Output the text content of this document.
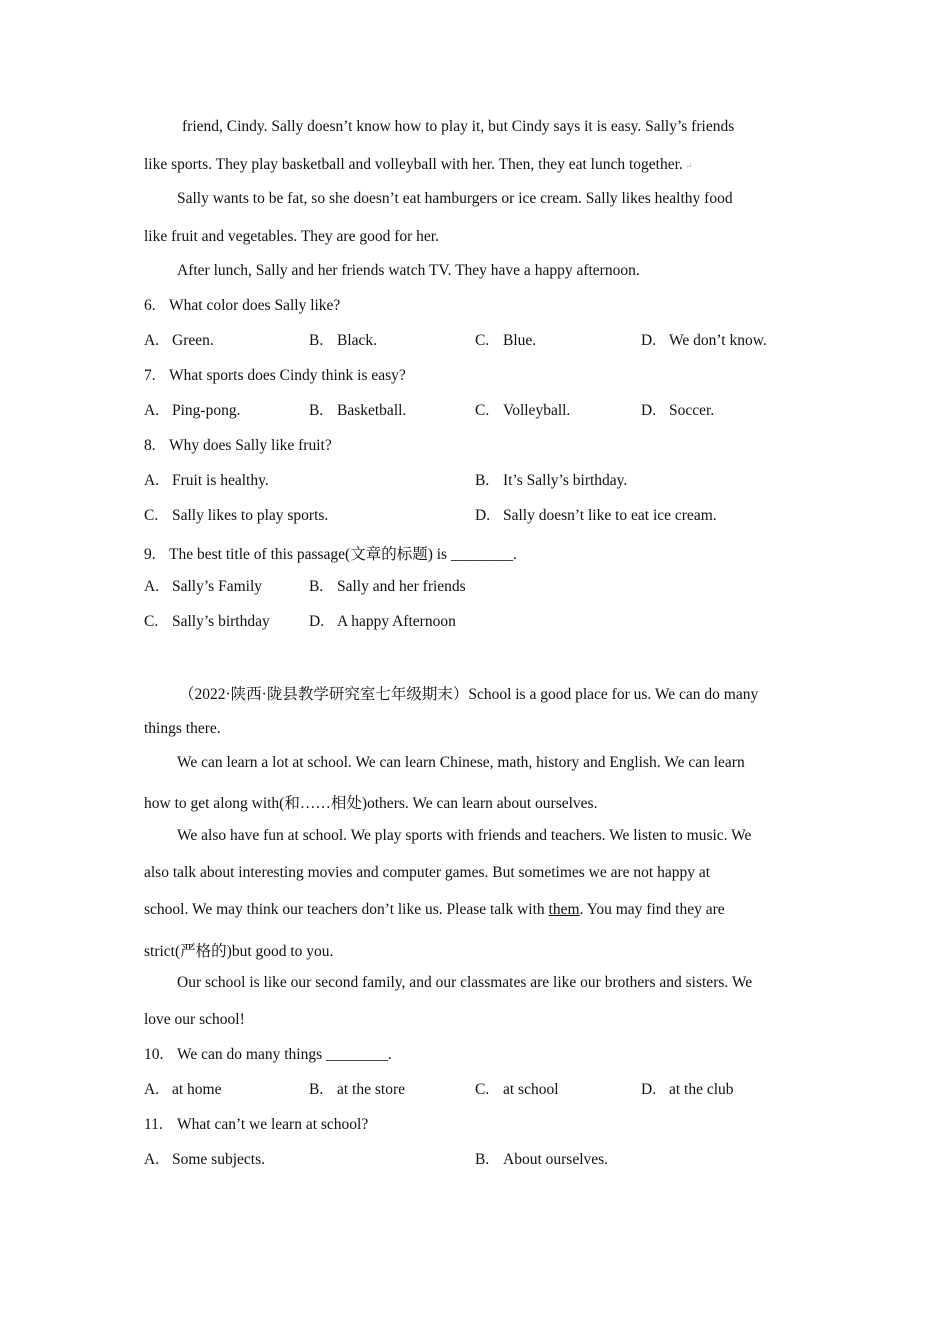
friend, Cindy. Sally doesn’t know how to play it, but Cindy says it is easy. Sally’s friends
like sports. They play basketball and volleyball with her. Then, they eat lunch together. ↵
Sally wants to be fat, so she doesn’t eat hamburgers or ice cream. Sally likes healthy food
like fruit and vegetables. They are good for her.
After lunch, Sally and her friends watch TV. They have a happy afternoon.
6. What color does Sally like?
A. Green.	B. Black.	C. Blue.	D. We don’t know.
7. What sports does Cindy think is easy?
A. Ping-pong.	B. Basketball.	C. Volleyball.	D. Soccer.
8. Why does Sally like fruit?
A. Fruit is healthy.	B. It’s Sally’s birthday.
C. Sally likes to play sports.	D. Sally doesn’t like to eat ice cream.
9. The best title of this passage(文章的标题) is ________.
A. Sally’s Family	B. Sally and her friends
C. Sally’s birthday	D. A happy Afternoon
（2022·陕西·陇县教学研究室七年级期末）School is a good place for us. We can do many
things there.
We can learn a lot at school. We can learn Chinese, math, history and English. We can learn
how to get along with(和……相处)others. We can learn about ourselves.
We also have fun at school. We play sports with friends and teachers. We listen to music. We
also talk about interesting movies and computer games. But sometimes we are not happy at
school. We may think our teachers don’t like us. Please talk with them. You may find they are
strict(严格的)but good to you.
Our school is like our second family, and our classmates are like our brothers and sisters. We
love our school!
10. We can do many things ________.
A. at home	B. at the store	C. at school	D. at the club
11. What can’t we learn at school?
A. Some subjects.	B. About ourselves.
